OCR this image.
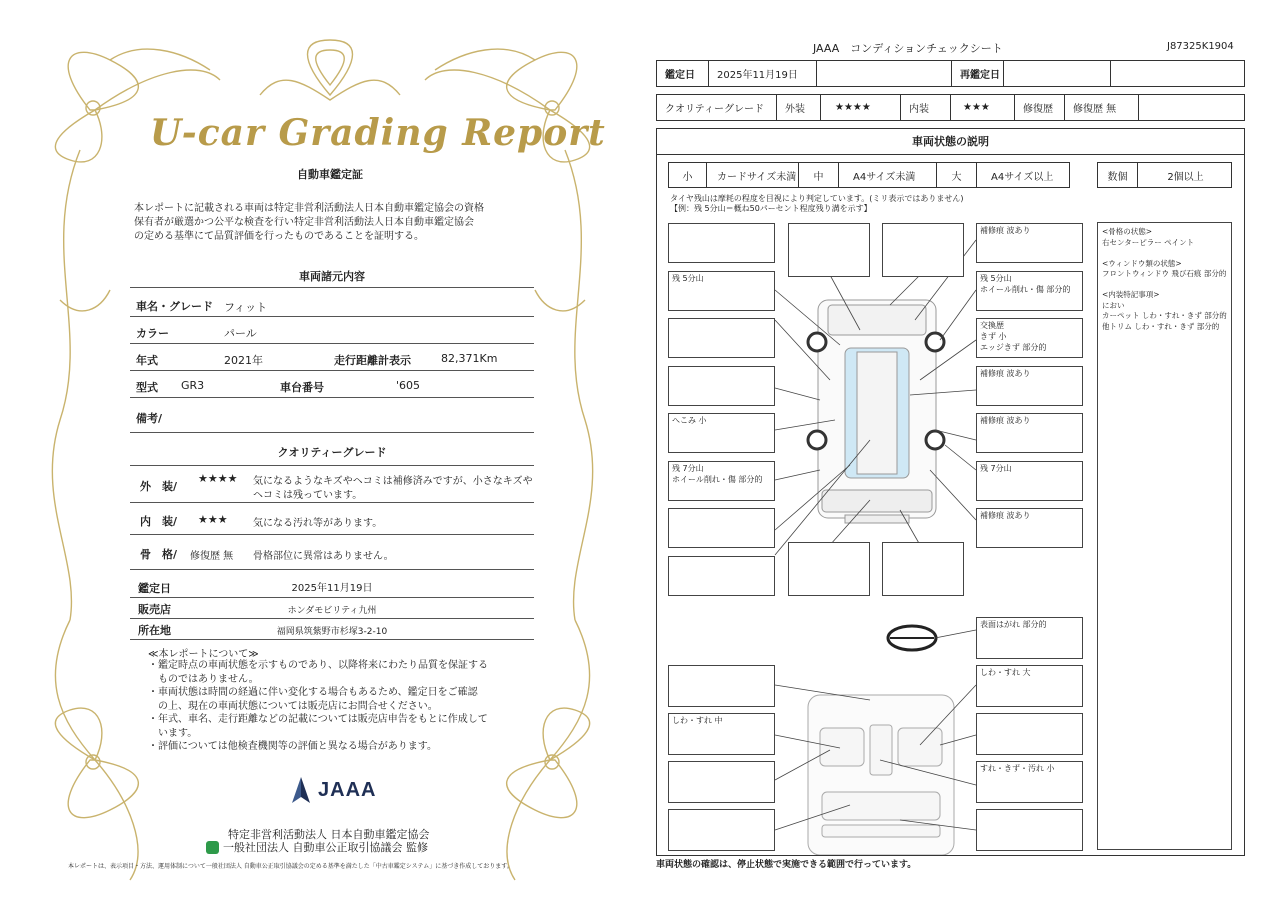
U-car Grading Report
自動車鑑定証
本レポートに記載される車両は特定非営利活動法人日本自動車鑑定協会の資格
保有者が厳選かつ公平な検査を行い特定非営利活動法人日本自動車鑑定協会
の定める基準にて品質評価を行ったものであることを証明する。
車両諸元内容
車名・グレード フィット
カラー	パール
年式	2021年	走行距離計表示	82,371Km
型式 GR3	車台番号	'605
備考/
クオリティーグレード
外　装/
★★★★ 気になるようなキズやヘコミは補修済みですが、小さなキズや
ヘコミは残っています。
内　装/ ★★★	気になる汚れ等があります。
骨　格/ 修復歴 無 骨格部位に異常はありません。
鑑定日	2025年11月19日
販売店	ホンダモビリティ九州
所在地	福岡県筑紫野市杉塚3-2-10
≪本レポートについて≫
・鑑定時点の車両状態を示すものであり、以降将来にわたり品質を保証する
　ものではありません。
・車両状態は時間の経過に伴い変化する場合もあるため、鑑定日をご確認
　の上、現在の車両状態については販売店にお問合せください。
・年式、車名、走行距離などの記載については販売店申告をもとに作成して
　います。
・評価については他検査機関等の評価と異なる場合があります。
JAAA
特定非営利活動法人 日本自動車鑑定協会
一般社団法人 自動車公正取引協議会 監修
本レポートは、表示項目・方法、運用体制について一般社団法人 自動車公正取引協議会の定める基準を満たした「中古車鑑定システム」に基づき作成しております。
JAAA　コンディションチェックシート	J87325K1904
鑑定日	2025年11月19日	再鑑定日
クオリティーグレード	外装	★★★★	内装	★★★	修復歴	修復歴 無
車両状態の説明
小	カードサイズ未満	中	A4サイズ未満	大	A4サイズ以上	数個	2個以上
タイヤ残山は摩耗の程度を目視により判定しています。(ミリ表示ではありません)
【例：残 5分山＝概ね50パーセント程度残り溝を示す】
残 5分山
へこみ 小
残 7分山
ホイール削れ・傷 部分的
補修痕 波あり
残 5分山
ホイール削れ・傷 部分的
交換歴
きず 小
エッジきず 部分的
補修痕 波あり
補修痕 波あり
残 7分山
補修痕 波あり
表面はがれ 部分的
しわ・すれ 大
しわ・すれ 中
すれ・きず・汚れ 小
<骨格の状態>
右センターピラー ペイント

<ウィンドウ類の状態>
フロントウィンドウ 飛び石痕 部分的

<内装特記事項>
におい
カーペット しわ・すれ・きず 部分的
他トリム しわ・すれ・きず 部分的
車両状態の確認は、停止状態で実施できる範囲で行っています。
